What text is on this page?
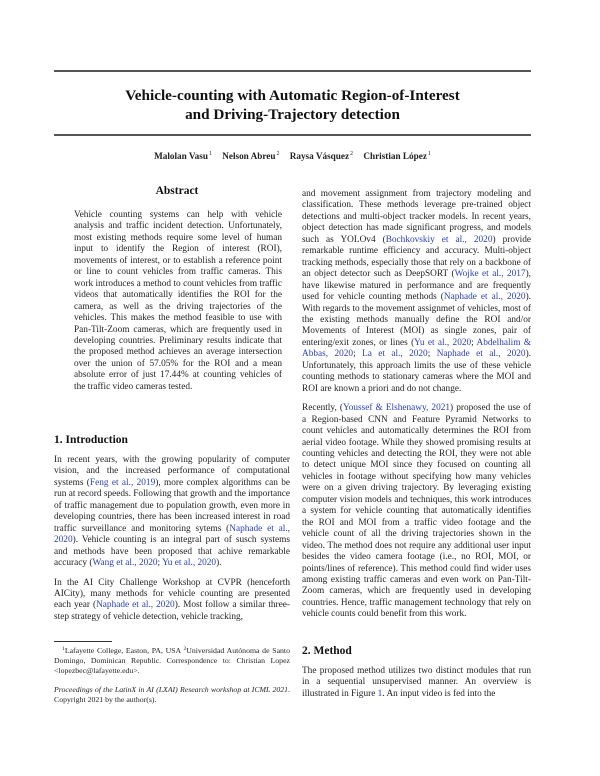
Vehicle-counting with Automatic Region-of-Interest
and Driving-Trajectory detection
Malolan Vasu$^1$ Nelson Abreu$^2$ Raysa Vásquez$^2$ Christian López$^1$
Abstract
Vehicle counting systems can help with vehicle analysis and traffic incident detection. Unfortunately, most existing methods require some level of human input to identify the Region of interest (ROI), movements of interest, or to establish a reference point or line to count vehicles from traffic cameras. This work introduces a method to count vehicles from traffic videos that automatically identifies the ROI for the camera, as well as the driving trajectories of the vehicles. This makes the method feasible to use with Pan-Tilt-Zoom cameras, which are frequently used in developing countries. Preliminary results indicate that the proposed method achieves an average intersection over the union of 57.05% for the ROI and a mean absolute error of just 17.44% at counting vehicles of the traffic video cameras tested.
1. Introduction

In recent years, with the growing popularity of computer vision, and the increased performance of computational systems (Feng et al., 2019), more complex algorithms can be run at record speeds. Following that growth and the importance of traffic management due to population growth, even more in developing countries, there has been increased interest in road traffic surveillance and monitoring sytems (Naphade et al., 2020). Vehicle counting is an integral part of susch systems and methods have been proposed that achive remarkable accuracy (Wang et al., 2020; Yu et al., 2020).

In the AI City Challenge Workshop at CVPR (henceforth AICity), many methods for vehicle counting are presented each year (Naphade et al., 2020). Most follow a similar three-step strategy of vehicle detection, vehicle tracking,

$^1$Lafayette College, Easton, PA, USA $^2$Universidad Autónoma de Santo Domingo, Dominican Republic. Correspondence to: Christian Lopez <lopezbec@lafayette.edu>.
Proceedings of the LatinX in AI (LXAI) Research workshop at ICML 2021. Copyright 2021 by the author(s).

and movement assignment from trajectory modeling and classification. These methods leverage pre-trained object detections and multi-object tracker models. In recent years, object detection has made significant progress, and models such as YOLOv4 (Bochkovskiy et al., 2020) provide remarkable runtime efficiency and accuracy. Multi-object tracking methods, especially those that rely on a backbone of an object detector such as DeepSORT (Wojke et al., 2017), have likewise matured in performance and are frequently used for vehicle counting methods (Naphade et al., 2020). With regards to the movement assignmet of vehicles, most of the existing methods manually define the ROI and/or Movements of Interest (MOI) as single zones, pair of entering/exit zones, or lines (Yu et al., 2020; Abdelhalim & Abbas, 2020; La et al., 2020; Naphade et al., 2020). Unfortunately, this approach limits the use of these vehicle counting methods to stationary cameras where the MOI and ROI are known a priori and do not change.

Recently, (Youssef & Elshenawy, 2021) proposed the use of a Region-based CNN and Feature Pyramid Networks to count vehicles and automatically determines the ROI from aerial video footage. While they showed promising results at counting vehicles and detecting the ROI, they were not able to detect unique MOI since they focused on counting all vehicles in footage without specifying how many vehicles were on a given driving trajectory. By leveraging existing computer vision models and techniques, this work introduces a system for vehicle counting that automatically identifies the ROI and MOI from a traffic video footage and the vehicle count of all the driving trajectories shown in the video. The method does not require any additional user input besides the video camera footage (i.e., no ROI, MOI, or points/lines of reference). This method could find wider uses among existing traffic cameras and even work on Pan-Tilt-Zoom cameras, which are frequently used in developing countries. Hence, traffic management technology that rely on vehicle counts could benefit from this work.

2. Method

The proposed method utilizes two distinct modules that run in a sequential unsupervised manner. An overview is illustrated in Figure 1. An input video is fed into the
